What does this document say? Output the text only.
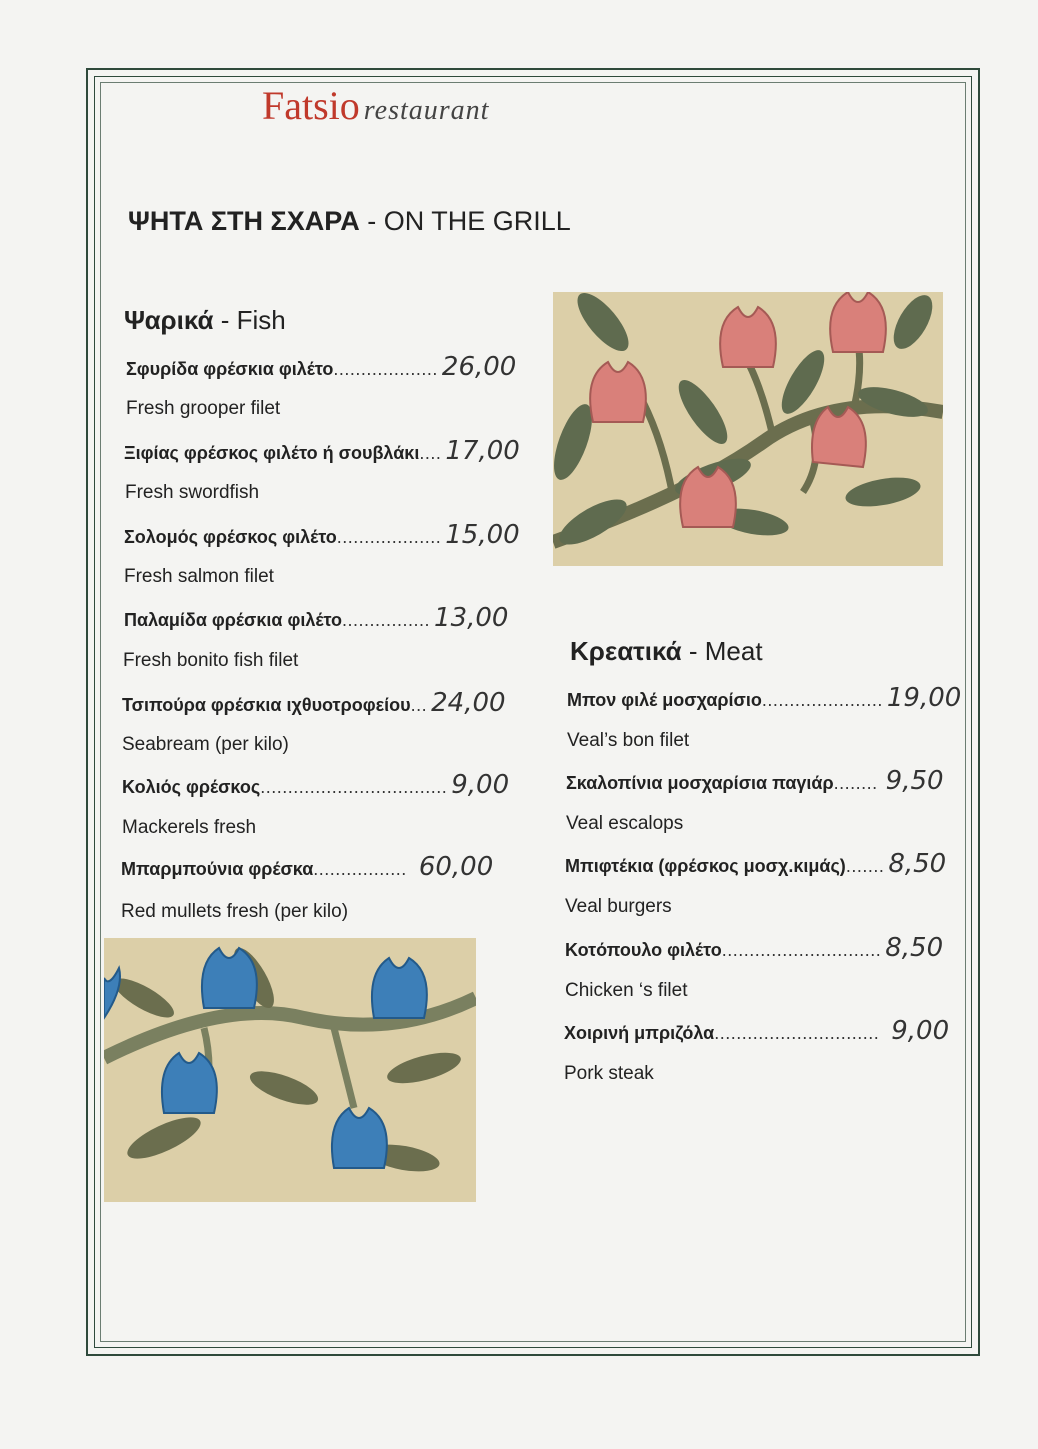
Fatsio restaurant
ΨΗΤΑ ΣΤΗ ΣΧΑΡΑ - ON THE GRILL
Ψαρικά - Fish
Σφυρίδα φρέσκια φιλέτο ................... 26,00
Fresh grooper filet
Ξιφίας φρέσκος φιλέτο ή σουβλάκι .... 17,00
Fresh swordfish
Σολομός φρέσκος φιλέτο ................... 15,00
Fresh salmon filet
Παλαμίδα φρέσκια φιλέτο ................ 13,00
Fresh bonito fish filet
Τσιπούρα φρέσκια ιχθυοτροφείου ... 24,00
Seabream (per kilo)
Κολιός φρέσκος .................................. 9,00
Mackerels fresh
Μπαρμπούνια φρέσκα ................. 60,00
Red mullets fresh (per kilo)
Κρεατικά - Meat
Μπον φιλέ μοσχαρίσιο ...................... 19,00
Veal’s bon filet
Σκαλοπίνια μοσχαρίσια παγιάρ ........ 9,50
Veal escalops
Μπιφτέκια (φρέσκος μοσχ.κιμάς) ....... 8,50
Veal burgers
Κοτόπουλο φιλέτο ............................. 8,50
Chicken ‘s filet
Χοιρινή μπριζόλα .............................. 9,00
Pork steak
